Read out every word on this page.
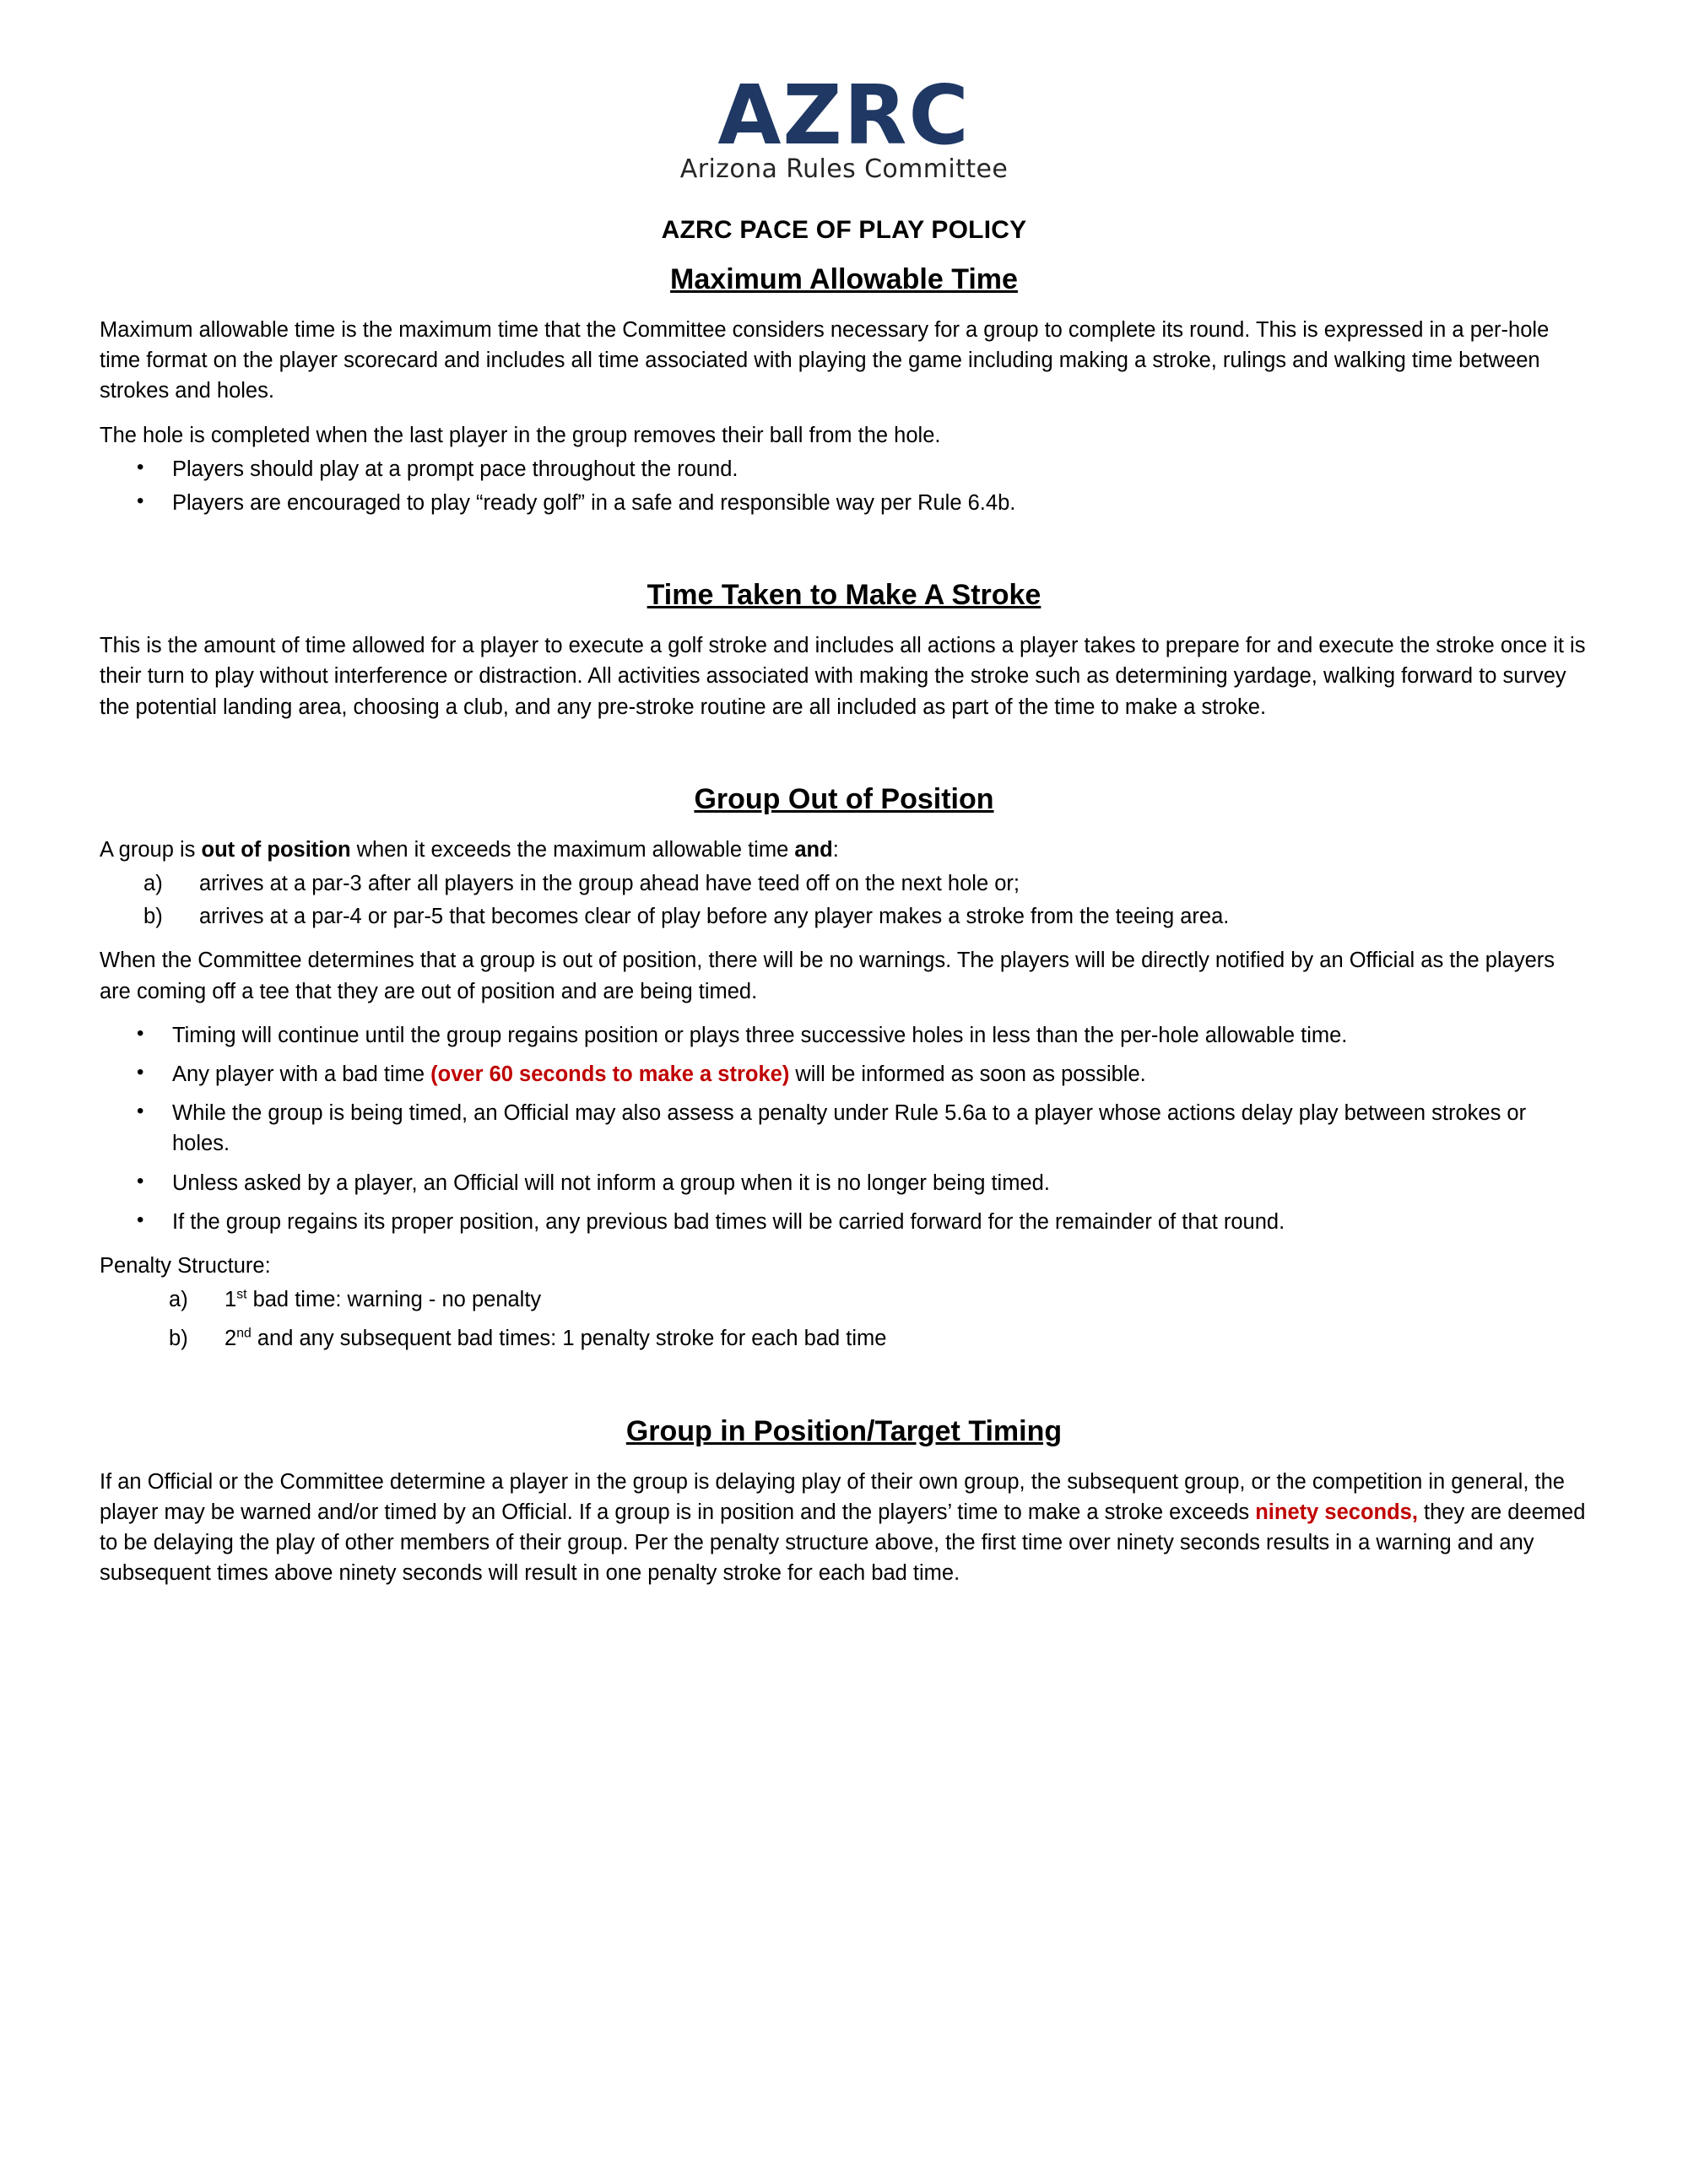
AZRC
Arizona Rules Committee
AZRC PACE OF PLAY POLICY
Maximum Allowable Time

Maximum allowable time is the maximum time that the Committee considers necessary for a group to complete its round. This is expressed in a per-hole time format on the player scorecard and includes all time associated with playing the game including making a stroke, rulings and walking time between strokes and holes.

The hole is completed when the last player in the group removes their ball from the hole.

• Players should play at a prompt pace throughout the round.
• Players are encouraged to play “ready golf” in a safe and responsible way per Rule 6.4b.
Time Taken to Make A Stroke

This is the amount of time allowed for a player to execute a golf stroke and includes all actions a player takes to prepare for and execute the stroke once it is their turn to play without interference or distraction. All activities associated with making the stroke such as determining yardage, walking forward to survey the potential landing area, choosing a club, and any pre-stroke routine are all included as part of the time to make a stroke.

Group Out of Position

A group is out of position when it exceeds the maximum allowable time and:

arrives at a par-3 after all players in the group ahead have teed off on the next hole or;
arrives at a par-4 or par-5 that becomes clear of play before any player makes a stroke from the teeing area.

When the Committee determines that a group is out of position, there will be no warnings. The players will be directly notified by an Official as the players are coming off a tee that they are out of position and are being timed.

• Timing will continue until the group regains position or plays three successive holes in less than the per-hole allowable time.
• Any player with a bad time (over 60 seconds to make a stroke) will be informed as soon as possible.
• While the group is being timed, an Official may also assess a penalty under Rule 5.6a to a player whose actions delay play between strokes or holes.
• Unless asked by a player, an Official will not inform a group when it is no longer being timed.
• If the group regains its proper position, any previous bad times will be carried forward for the remainder of that round.

Penalty Structure:

1st bad time: warning - no penalty
2nd and any subsequent bad times: 1 penalty stroke for each bad time
Group in Position/Target Timing

If an Official or the Committee determine a player in the group is delaying play of their own group, the subsequent group, or the competition in general, the player may be warned and/or timed by an Official. If a group is in position and the players’ time to make a stroke exceeds ninety seconds, they are deemed to be delaying the play of other members of their group. Per the penalty structure above, the first time over ninety seconds results in a warning and any subsequent times above ninety seconds will result in one penalty stroke for each bad time.
